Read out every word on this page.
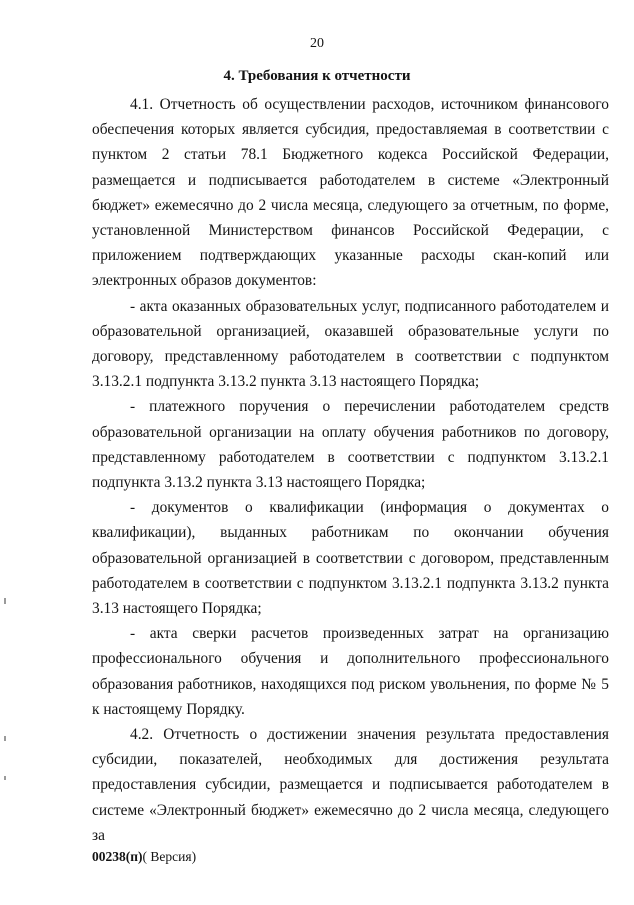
20
4. Требования к отчетности

4.1. Отчетность об осуществлении расходов, источником финансового обеспечения которых является субсидия, предоставляемая в соответствии с пунктом 2 статьи 78.1 Бюджетного кодекса Российской Федерации, размещается и подписывается работодателем в системе «Электронный бюджет» ежемесячно до 2 числа месяца, следующего за отчетным, по форме, установленной Министерством финансов Российской Федерации, с приложением подтверждающих указанные расходы скан-копий или электронных образов документов:

- акта оказанных образовательных услуг, подписанного работодателем и образовательной организацией, оказавшей образовательные услуги по договору, представленному работодателем в соответствии с подпунктом 3.13.2.1 подпункта 3.13.2 пункта 3.13 настоящего Порядка;

- платежного поручения о перечислении работодателем средств образовательной организации на оплату обучения работников по договору, представленному работодателем в соответствии с подпунктом 3.13.2.1 подпункта 3.13.2 пункта 3.13 настоящего Порядка;

- документов о квалификации (информация о документах о квалификации), выданных работникам по окончании обучения образовательной организацией в соответствии с договором, представленным работодателем в соответствии с подпунктом 3.13.2.1 подпункта 3.13.2 пункта 3.13 настоящего Порядка;

- акта сверки расчетов произведенных затрат на организацию профессионального обучения и дополнительного профессионального образования работников, находящихся под риском увольнения, по форме № 5 к настоящему Порядку.

4.2. Отчетность о достижении значения результата предоставления субсидии, показателей, необходимых для достижения результата предоставления субсидии, размещается и подписывается работодателем в системе «Электронный бюджет» ежемесячно до 2 числа месяца, следующего за

00238(п)( Версия)
